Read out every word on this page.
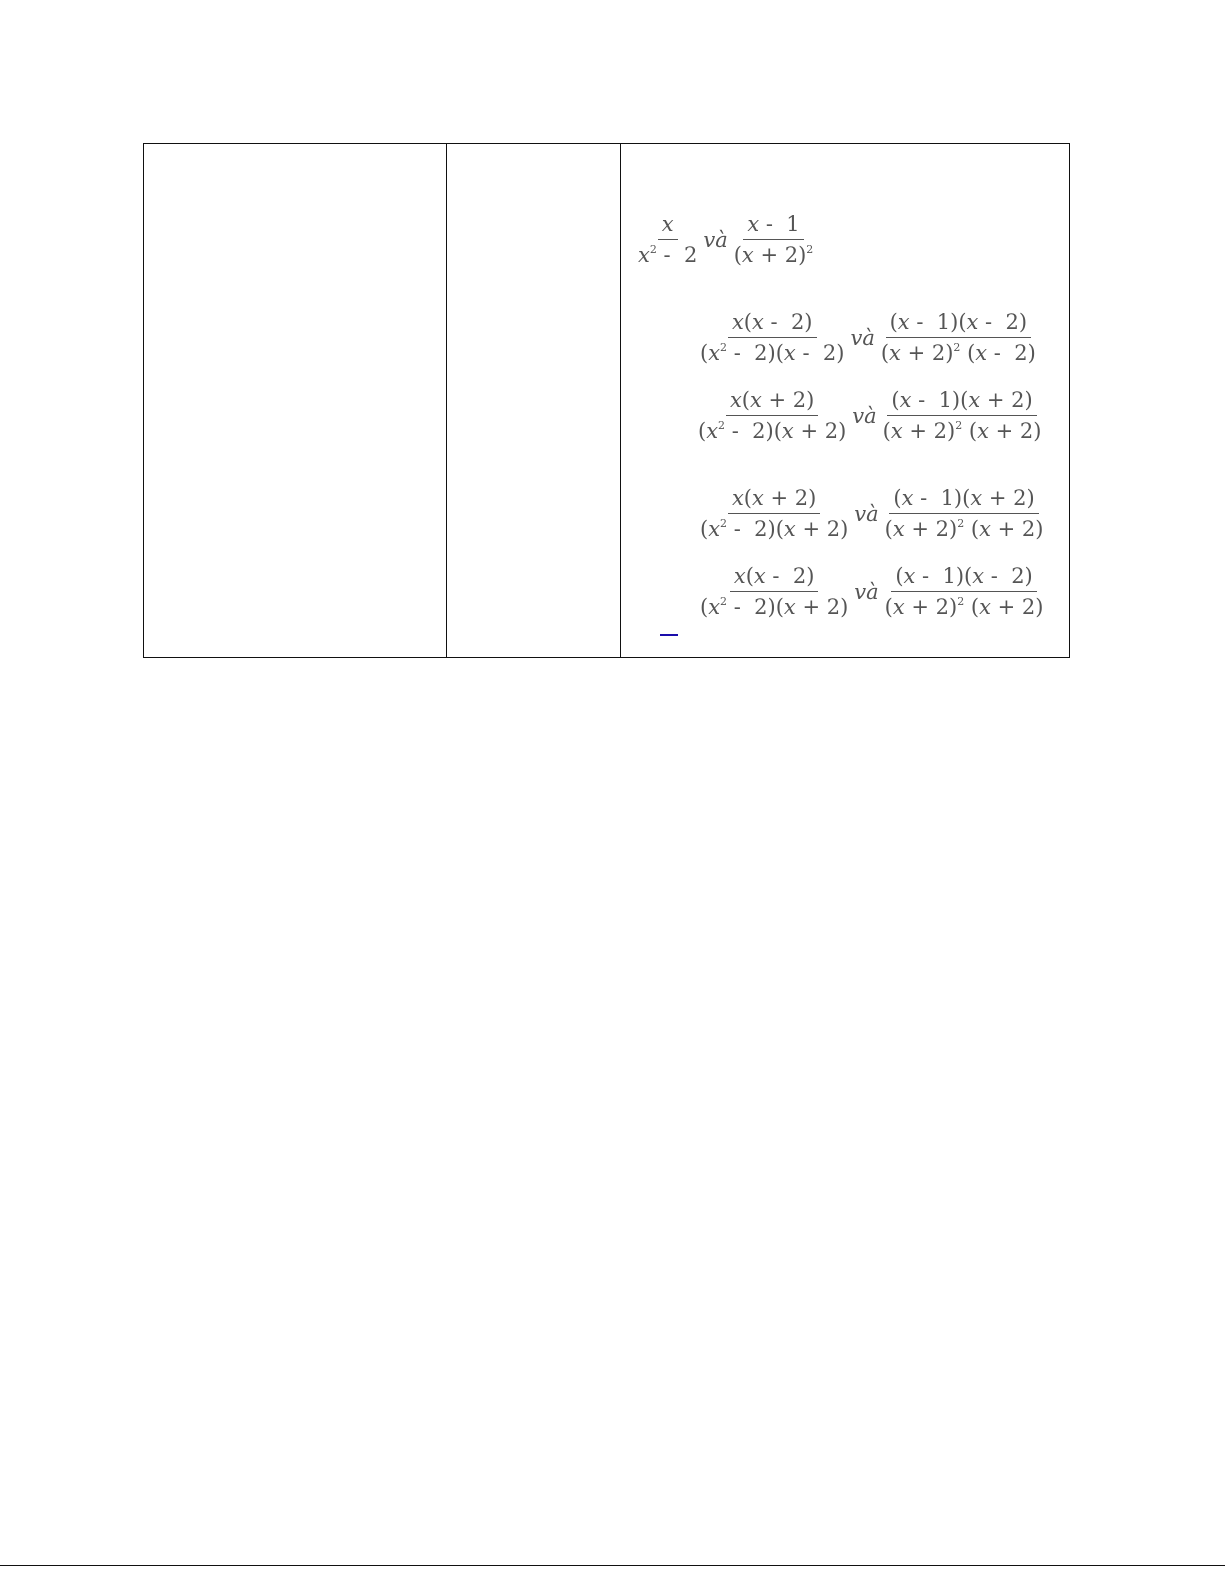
$\frac{x}{x^2 - 2}$ và $\frac{x - 1}{(x + 2)^2}$
$\frac{x(x - 2)}{(x^2 - 2)(x - 2)}$ và $\frac{(x - 1)(x - 2)}{(x + 2)^2 (x - 2)}$
$\frac{x(x + 2)}{(x^2 - 2)(x + 2)}$ và $\frac{(x - 1)(x + 2)}{(x + 2)^2 (x + 2)}$
$\frac{x(x + 2)}{(x^2 - 2)(x + 2)}$ và $\frac{(x - 1)(x + 2)}{(x + 2)^2 (x + 2)}$
$\frac{x(x - 2)}{(x^2 - 2)(x + 2)}$ và $\frac{(x - 1)(x - 2)}{(x + 2)^2 (x + 2)}$
